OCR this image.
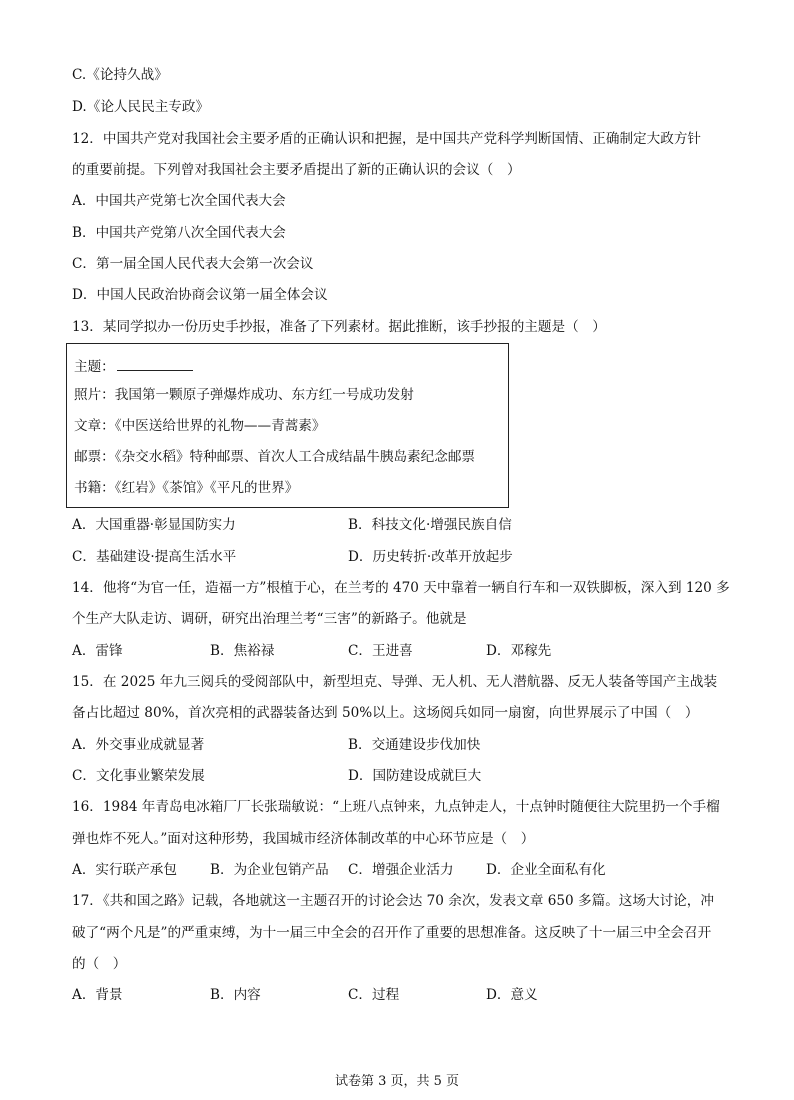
C.《论持久战》
D.《论人民民主专政》
12．中国共产党对我国社会主要矛盾的正确认识和把握，是中国共产党科学判断国情、正确制定大政方针
的重要前提。下列曾对我国社会主要矛盾提出了新的正确认识的会议（　）
A．中国共产党第七次全国代表大会
B．中国共产党第八次全国代表大会
C．第一届全国人民代表大会第一次会议
D．中国人民政治协商会议第一届全体会议
13．某同学拟办一份历史手抄报，准备了下列素材。据此推断，该手抄报的主题是（　）
主题：
照片：我国第一颗原子弹爆炸成功、东方红一号成功发射
文章：《中医送给世界的礼物——青蒿素》
邮票：《杂交水稻》特种邮票、首次人工合成结晶牛胰岛素纪念邮票
书籍：《红岩》《茶馆》《平凡的世界》
A．大国重器·彰显国防实力	B．科技文化·增强民族自信
C．基础建设·提高生活水平	D．历史转折·改革开放起步
14．他将“为官一任，造福一方”根植于心，在兰考的 470 天中靠着一辆自行车和一双铁脚板，深入到 120 多
个生产大队走访、调研，研究出治理兰考“三害”的新路子。他就是
A．雷锋	B．焦裕禄	C．王进喜	D．邓稼先
15．在 2025 年九三阅兵的受阅部队中，新型坦克、导弹、无人机、无人潜航器、反无人装备等国产主战装
备占比超过 80%，首次亮相的武器装备达到 50%以上。这场阅兵如同一扇窗，向世界展示了中国（　）
A．外交事业成就显著	B．交通建设步伐加快
C．文化事业繁荣发展	D．国防建设成就巨大
16．1984 年青岛电冰箱厂厂长张瑞敏说：“上班八点钟来，九点钟走人，十点钟时随便往大院里扔一个手榴
弹也炸不死人。”面对这种形势，我国城市经济体制改革的中心环节应是（　）
A．实行联产承包 B．为企业包销产品 C．增强企业活力 D．企业全面私有化
17．《共和国之路》记载，各地就这一主题召开的讨论会达 70 余次，发表文章 650 多篇。这场大讨论，冲
破了“两个凡是”的严重束缚，为十一届三中全会的召开作了重要的思想准备。这反映了十一届三中全会召开
的（　）
A．背景	B．内容	C．过程	D．意义
试卷第 3 页，共 5 页
